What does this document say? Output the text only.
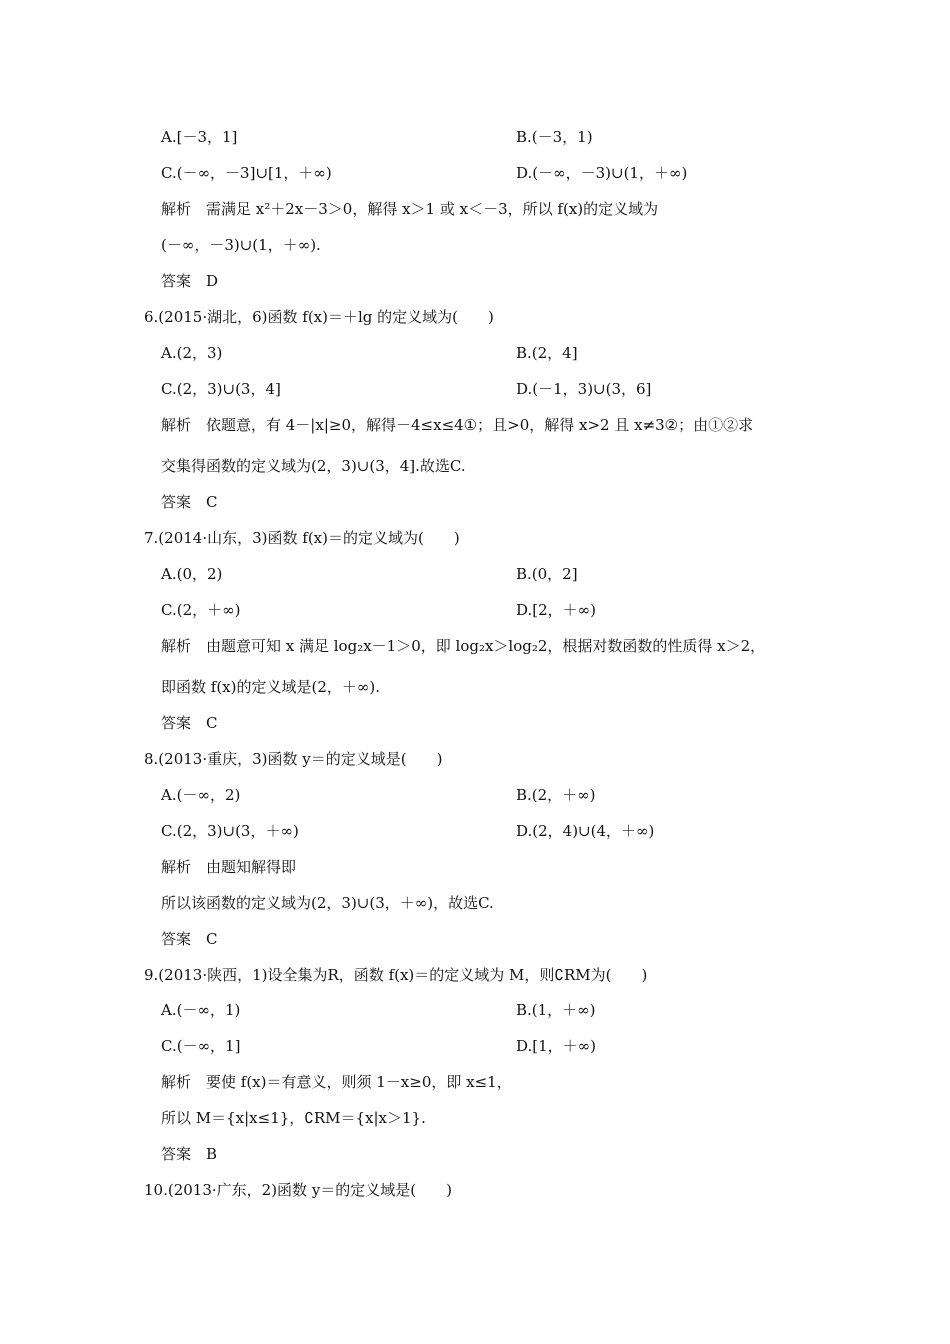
A.[－3，1]	B.(－3，1)
C.(－∞，－3]∪[1，＋∞)	D.(－∞，－3)∪(1，＋∞)
解析　需满足 x²＋2x－3＞0，解得 x＞1 或 x＜－3，所以 f(x)的定义域为
(－∞，－3)∪(1，＋∞).
答案　D
6.(2015·湖北，6)函数 f(x)＝＋lg 的定义域为(　　)
A.(2，3)	B.(2，4]
C.(2，3)∪(3，4]	D.(－1，3)∪(3，6]
解析　依题意，有 4－|x|≥0，解得－4≤x≤4①；且>0，解得 x>2 且 x≠3②；由①②求
交集得函数的定义域为(2，3)∪(3，4].故选C.
答案　C
7.(2014·山东，3)函数 f(x)＝的定义域为(　　)
A.(0，2)	B.(0，2]
C.(2，＋∞)	D.[2，＋∞)
解析　由题意可知 x 满足 log₂x－1＞0，即 log₂x＞log₂2，根据对数函数的性质得 x＞2，
即函数 f(x)的定义域是(2，＋∞).
答案　C
8.(2013·重庆，3)函数 y＝的定义域是(　　)
A.(－∞，2)	B.(2，＋∞)
C.(2，3)∪(3，＋∞)	D.(2，4)∪(4，＋∞)
解析　由题知解得即
所以该函数的定义域为(2，3)∪(3，＋∞)，故选C.
答案　C
9.(2013·陕西，1)设全集为R，函数 f(x)＝的定义域为 M，则∁RM为(　　)
A.(－∞，1)	B.(1，＋∞)
C.(－∞，1]	D.[1，＋∞)
解析　要使 f(x)＝有意义，则须 1－x≥0，即 x≤1，
所以 M＝{x|x≤1}，∁RM＝{x|x＞1}.
答案　B
10.(2013·广东，2)函数 y＝的定义域是(　　)
